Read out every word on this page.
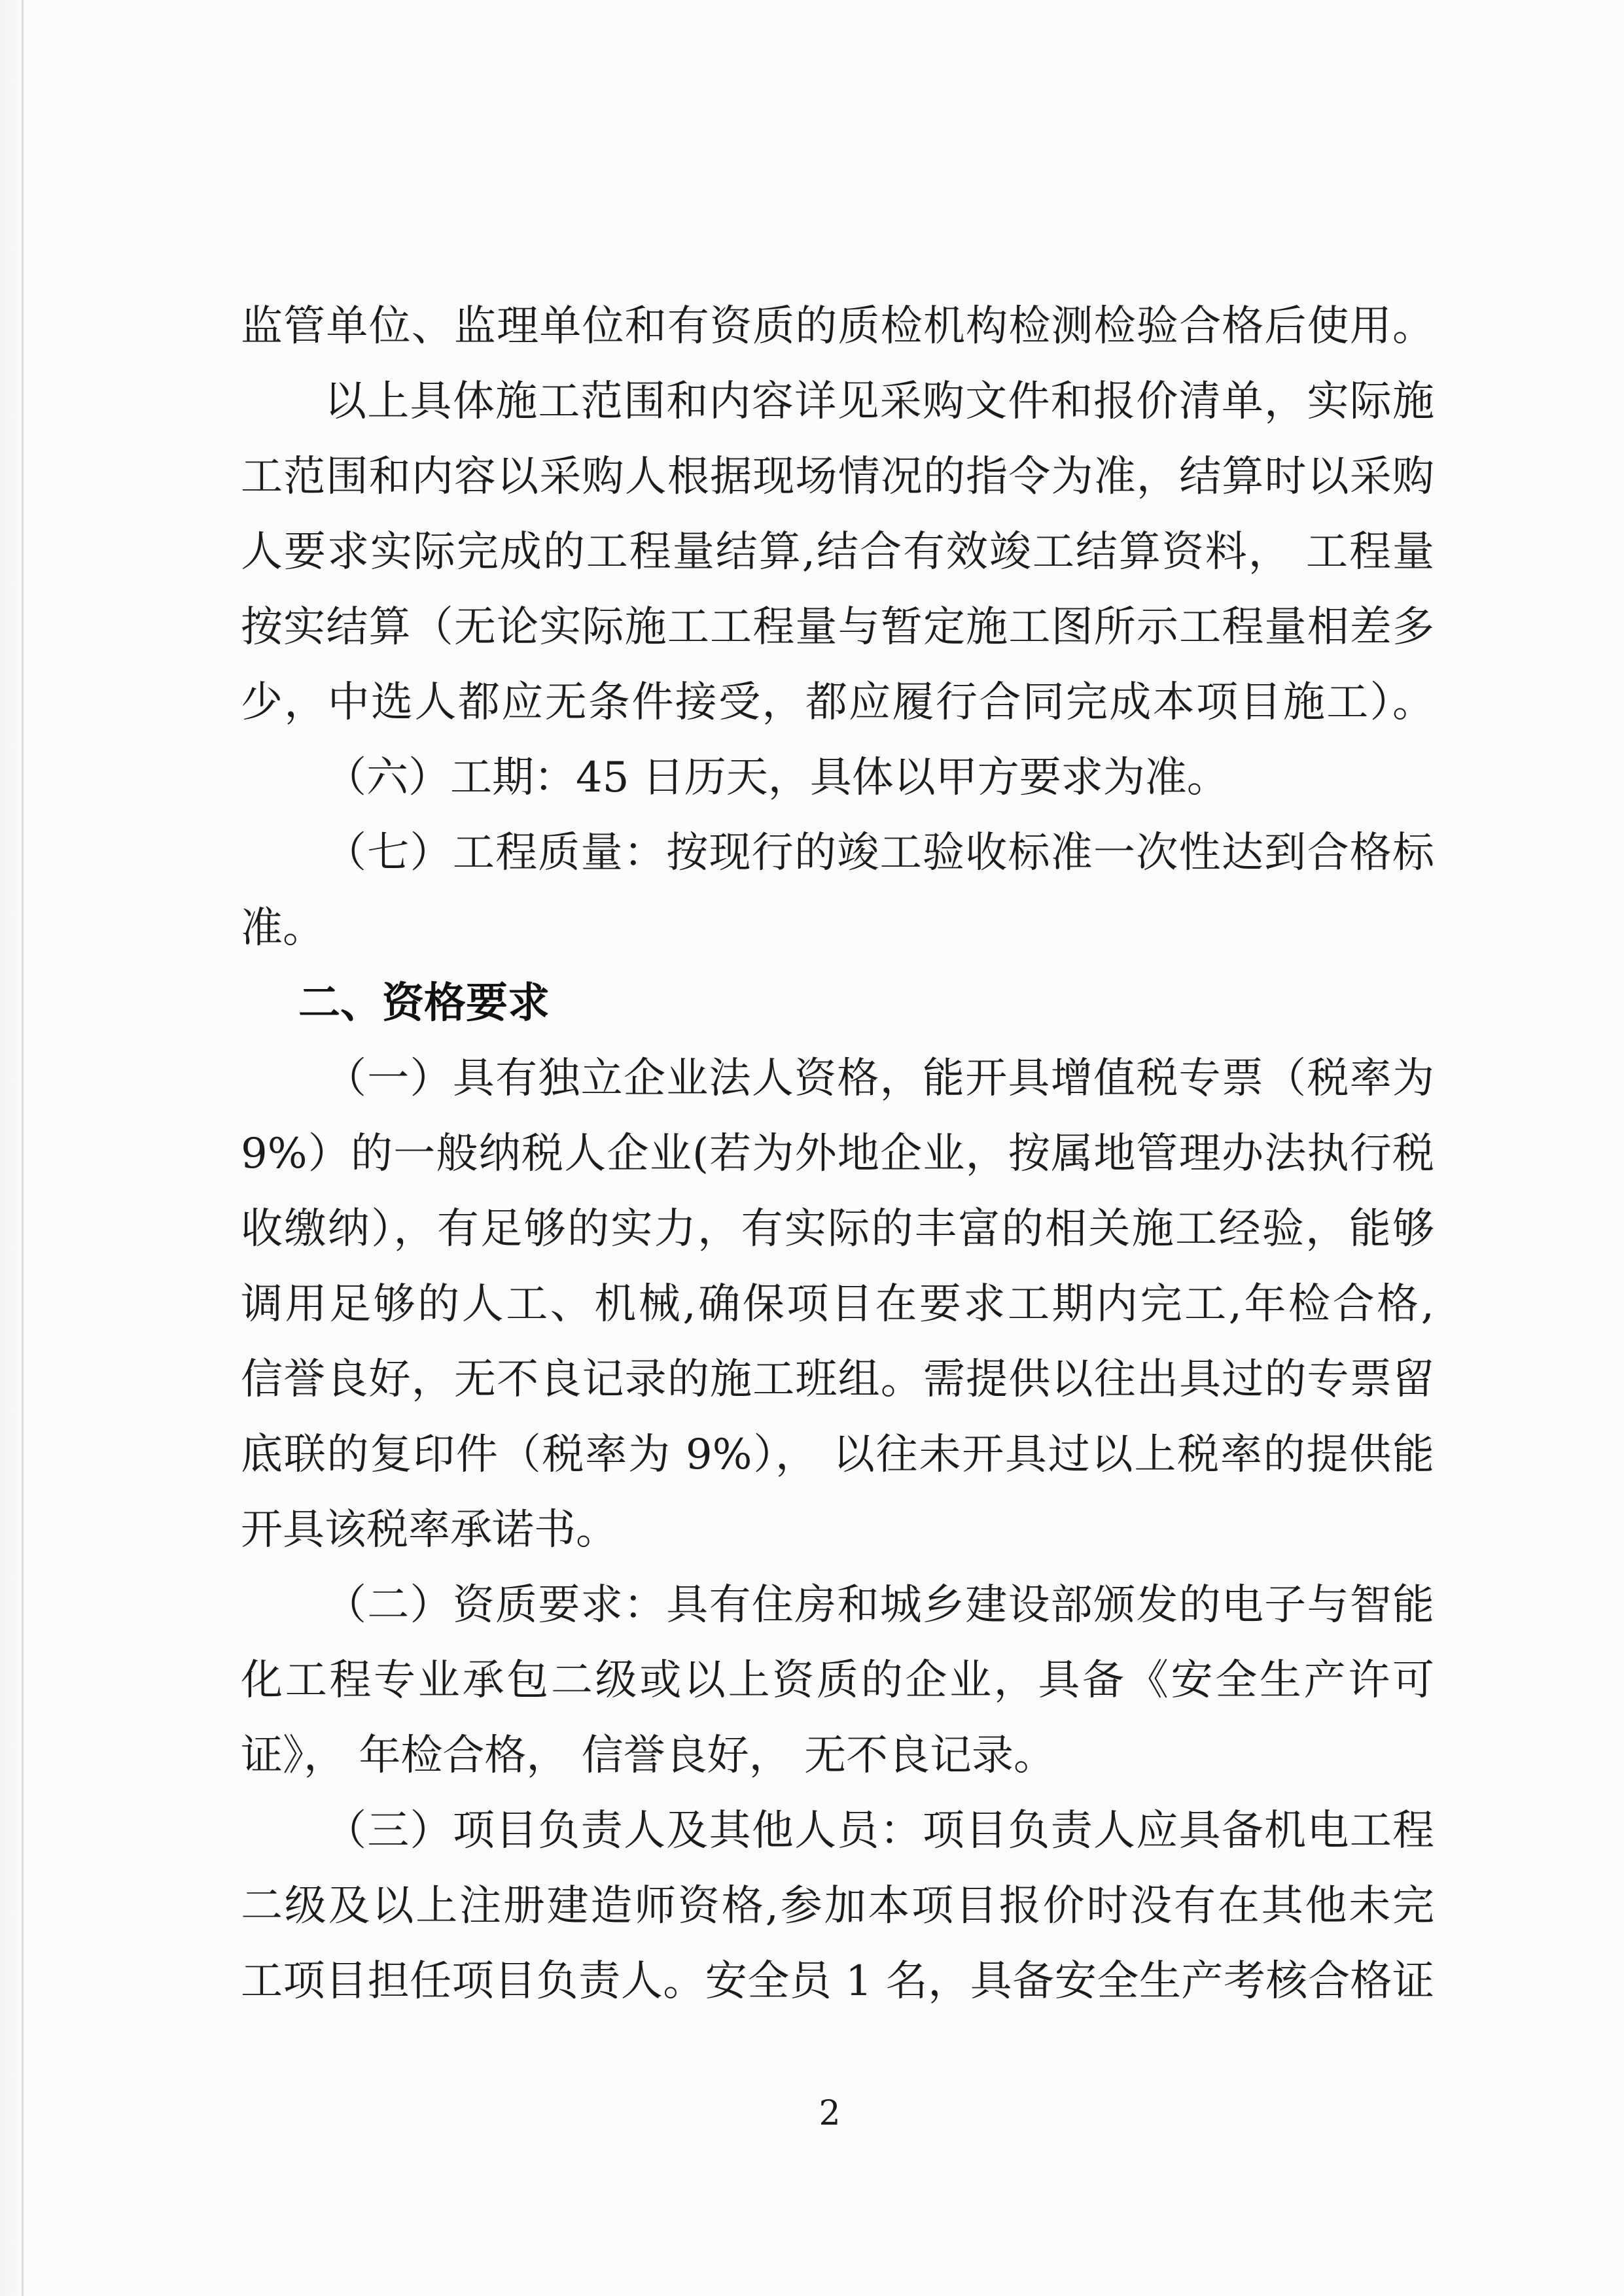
监管单位、监理单位和有资质的质检机构检测检验合格后使用。
以上具体施工范围和内容详见采购文件和报价清单，实际施
工范围和内容以采购人根据现场情况的指令为准，结算时以采购
人要求实际完成的工程量结算,结合有效竣工结算资料， 工程量
按实结算（无论实际施工工程量与暂定施工图所示工程量相差多
少，中选人都应无条件接受，都应履行合同完成本项目施工）。
（六）工期：45 日历天，具体以甲方要求为准。
（七）工程质量：按现行的竣工验收标准一次性达到合格标
准。
二、资格要求
（一）具有独立企业法人资格，能开具增值税专票（税率为
9%）的一般纳税人企业(若为外地企业，按属地管理办法执行税
收缴纳），有足够的实力，有实际的丰富的相关施工经验，能够
调用足够的人工、机械,确保项目在要求工期内完工,年检合格,
信誉良好，无不良记录的施工班组。需提供以往出具过的专票留
底联的复印件（税率为 9%）， 以往未开具过以上税率的提供能
开具该税率承诺书。
（二）资质要求：具有住房和城乡建设部颁发的电子与智能
化工程专业承包二级或以上资质的企业，具备《安全生产许可
证》， 年检合格， 信誉良好， 无不良记录。
（三）项目负责人及其他人员：项目负责人应具备机电工程
二级及以上注册建造师资格,参加本项目报价时没有在其他未完
工项目担任项目负责人。安全员 1 名，具备安全生产考核合格证
2
